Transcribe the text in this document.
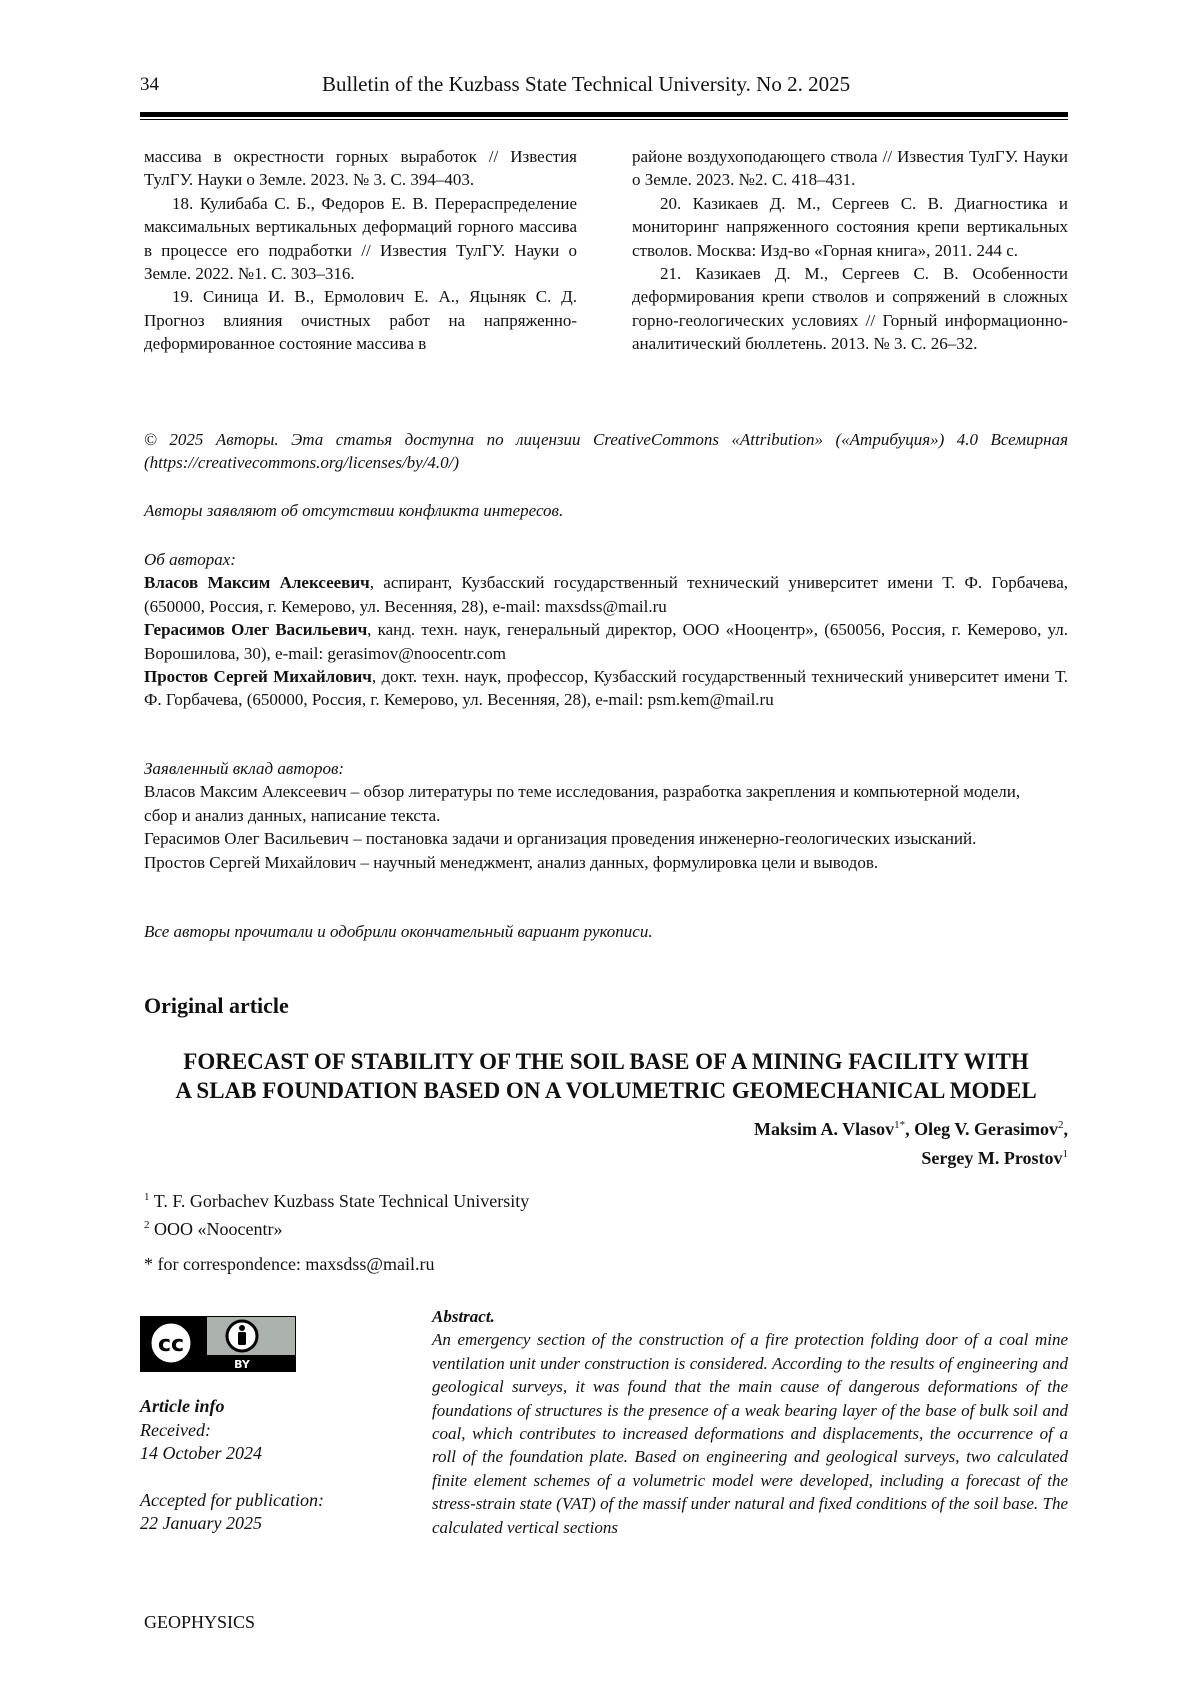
34	Bulletin of the Kuzbass State Technical University. No 2. 2025

массива в окрестности горных выработок // Известия ТулГУ. Науки о Земле. 2023. № 3. С. 394–403.

18. Кулибаба С. Б., Федоров Е. В. Перераспределение максимальных вертикальных деформаций горного массива в процессе его подработки // Известия ТулГУ. Науки о Земле. 2022. №1. С. 303–316.

19. Синица И. В., Ермолович Е. А., Яцыняк С. Д. Прогноз влияния очистных работ на напряженно-деформированное состояние массива в

районе воздухоподающего ствола // Известия ТулГУ. Науки о Земле. 2023. №2. С. 418–431.

20. Казикаев Д. М., Сергеев С. В. Диагностика и мониторинг напряженного состояния крепи вертикальных стволов. Москва: Изд-во «Горная книга», 2011. 244 с.

21. Казикаев Д. М., Сергеев С. В. Особенности деформирования крепи стволов и сопряжений в сложных горно-геологических условиях // Горный информационно-аналитический бюллетень. 2013. № 3. С. 26–32.

© 2025 Авторы. Эта статья доступна по лицензии CreativeCommons «Attribution» («Атрибуция») 4.0 Всемирная (https://creativecommons.org/licenses/by/4.0/)
Авторы заявляют об отсутствии конфликта интересов.

Об авторах:

Власов Максим Алексеевич, аспирант, Кузбасский государственный технический университет имени Т. Ф. Горбачева, (650000, Россия, г. Кемерово, ул. Весенняя, 28), e-mail: maxsdss@mail.ru

Герасимов Олег Васильевич, канд. техн. наук, генеральный директор, ООО «Нооцентр», (650056, Россия, г. Кемерово, ул. Ворошилова, 30), e-mail: gerasimov@noocentr.com

Простов Сергей Михайлович, докт. техн. наук, профессор, Кузбасский государственный технический университет имени Т. Ф. Горбачева, (650000, Россия, г. Кемерово, ул. Весенняя, 28), e-mail: psm.kem@mail.ru

Заявленный вклад авторов:

Власов Максим Алексеевич – обзор литературы по теме исследования, разработка закрепления и компьютерной модели, сбор и анализ данных, написание текста.

Герасимов Олег Васильевич – постановка задачи и организация проведения инженерно-геологических изысканий.

Простов Сергей Михайлович – научный менеджмент, анализ данных, формулировка цели и выводов.

Все авторы прочитали и одобрили окончательный вариант рукописи.
Original article
FORECAST OF STABILITY OF THE SOIL BASE OF A MINING FACILITY WITH
A SLAB FOUNDATION BASED ON A VOLUMETRIC GEOMECHANICAL MODEL
Maksim A. Vlasov$^{1*}$, Oleg V. Gerasimov$^2$,
Sergey M. Prostov$^1$
$^1$ T. F. Gorbachev Kuzbass State Technical University
$^2$ OOO «Noocentr»
* for correspondence: maxsdss@mail.ru
cc
BY
Article info
Received:
14 October 2024
Accepted for publication:
22 January 2025
Abstract.
An emergency section of the construction of a fire protection folding door of a coal mine ventilation unit under construction is considered. According to the results of engineering and geological surveys, it was found that the main cause of dangerous deformations of the foundations of structures is the presence of a weak bearing layer of the base of bulk soil and coal, which contributes to increased deformations and displacements, the occurrence of a roll of the foundation plate. Based on engineering and geological surveys, two calculated finite element schemes of a volumetric model were developed, including a forecast of the stress-strain state (VAT) of the massif under natural and fixed conditions of the soil base. The calculated vertical sections
GEOPHYSICS
